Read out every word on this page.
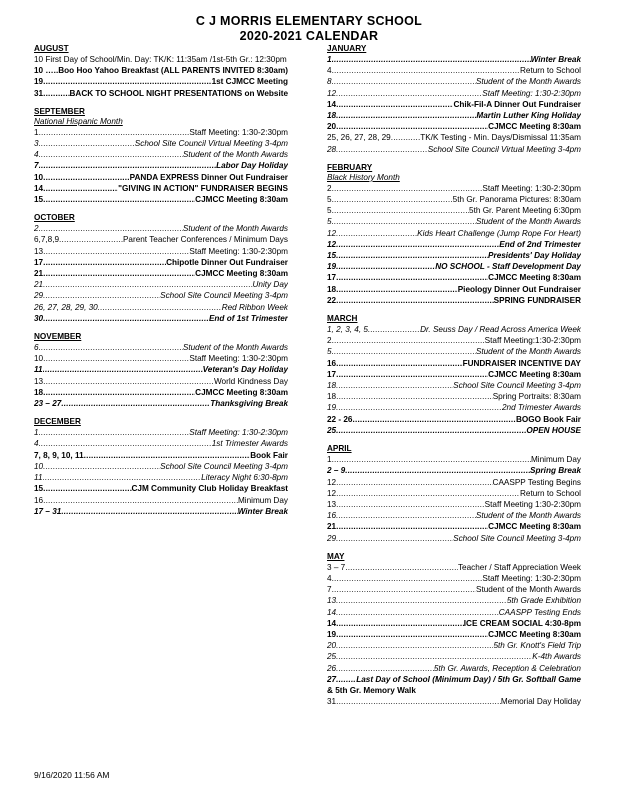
C J MORRIS ELEMENTARY SCHOOL
2020-2021 CALENDAR
AUGUST
10 First Day of School/Min. Day: TK/K: 11:35am /1st-5th Gr.: 12:30pm
10 … ..... Boo Hoo Yahoo Breakfast (ALL PARENTS INVITED 8:30am)
19 .....	1st CJMCC Meeting
31 .....	BACK TO SCHOOL NIGHT PRESENTATIONS on Website
SEPTEMBER
National Hispanic Month
1 .....	Staff Meeting: 1:30-2:30pm
3 .....	School Site Council Virtual Meeting 3-4pm
4 .....	Student of the Month Awards
7 .....	Labor Day Holiday
10 .....	PANDA EXPRESS Dinner Out Fundraiser
14 .....	"GIVING IN ACTION" FUNDRAISER BEGINS
15 .....	CJMCC Meeting 8:30am
OCTOBER
2 .....	Student of the Month Awards
6,7,8,9 .....	Parent Teacher Conferences / Minimum Days
13 .....	Staff Meeting: 1:30-2:30pm
17 .....	Chipotle Dinner Out Fundraiser
21 .....	CJMCC Meeting 8:30am
21 .....	Unity Day
29 .....	School Site Council Meeting 3-4pm
26, 27, 28, 29, 30 .....	Red Ribbon Week
30 .....	End of 1st Trimester
NOVEMBER
6 .....	Student of the Month Awards
10 .....	Staff Meeting: 1:30-2:30pm
11 .....	Veteran's Day Holiday
13 .....	World Kindness Day
18 .....	CJMCC Meeting 8:30am
23 – 27 .....	Thanksgiving Break
DECEMBER
1 .....	Staff Meeting: 1:30-2:30pm
4 .....	1st Trimester Awards
7, 8, 9, 10, 11 .....	Book Fair
10 .....	School Site Council Meeting 3-4pm
11 .....	Literacy Night 6:30-8pm
15 .....	CJM Community Club Holiday Breakfast
16 .....	Minimum Day
17 – 31 .....	Winter Break
JANUARY
1 .....	Winter Break
4 .....	Return to School
8 .....	Student of the Month Awards
12 .....	Staff Meeting: 1:30-2:30pm
14 .....	Chik-Fil-A Dinner Out Fundraiser
18 .....	Martin Luther King Holiday
20 .....	CJMCC Meeting 8:30am
25, 26, 27, 28, 29 .....	TK/K Testing - Min. Days/Dismissal 11:35am
28 .....	School Site Council Virtual Meeting 3-4pm
FEBRUARY
Black History Month
2 .....	Staff Meeting: 1:30-2:30pm
5 .....	5th Gr. Panorama Pictures: 8:30am
5 .....	5th Gr. Parent Meeting 6:30pm
5 .....	Student of the Month Awards
12 .....	Kids Heart Challenge (Jump Rope For Heart)
12 .....	End of 2nd Trimester
15 .....	Presidents' Day Holiday
19 .....	NO SCHOOL - Staff Development Day
17 .....	CJMCC Meeting 8:30am
18 .....	Pieology Dinner Out Fundraiser
22 .....	SPRING FUNDRAISER
MARCH
1, 2, 3, 4, 5 .....	Dr. Seuss Day / Read Across America Week
2 .....	Staff Meeting:1:30-2:30pm
5 .....	Student of the Month Awards
16 .....	FUNDRAISER INCENTIVE DAY
17 .....	CJMCC Meeting 8:30am
18 .....	School Site Council Meeting 3-4pm
18 .....	Spring Portraits: 8:30am
19 .....	2nd Trimester Awards
22 - 26 .....	BOGO Book Fair
25 .....	OPEN HOUSE
APRIL
1 .....	Minimum Day
2 – 9 .....	Spring Break
12 .....	CAASPP Testing Begins
12 .....	Return to School
13 .....	Staff Meeting 1:30-2:30pm
16 .....	Student of the Month Awards
21 .....	CJMCC Meeting 8:30am
29 .....	School Site Council Meeting 3-4pm
MAY
3 – 7 .....	Teacher / Staff Appreciation Week
4 .....	Staff Meeting: 1:30-2:30pm
7 .....	Student of the Month Awards
13 .....	5th Grade Exhibition
14 .....	CAASPP Testing Ends
14 .....	ICE CREAM SOCIAL 4:30-8pm
19 .....	CJMCC Meeting 8:30am
20 .....	5th Gr. Knott's Field Trip
25 .....	K-4th Awards
26 .....	5th Gr. Awards, Reception & Celebration
27 ..... Last Day of School (Minimum Day) / 5th Gr. Softball Game
& 5th Gr. Memory Walk
31 .....	Memorial Day Holiday
9/16/2020 11:56 AM
